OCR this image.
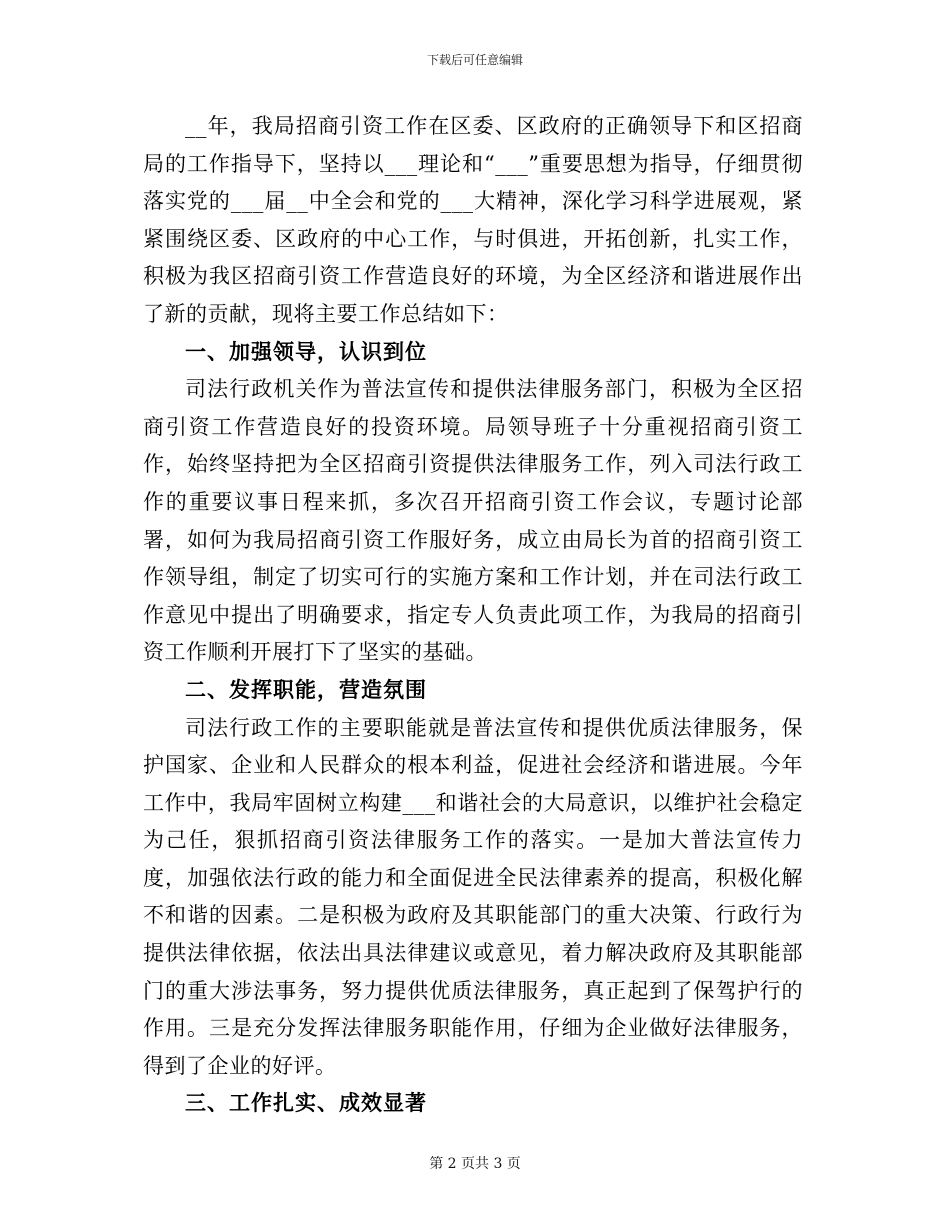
下载后可任意编辑

__年，我局招商引资工作在区委、区政府的正确领导下和区招商局的工作指导下，坚持以___理论和“___”重要思想为指导，仔细贯彻落实党的___届__中全会和党的___大精神，深化学习科学进展观，紧紧围绕区委、区政府的中心工作，与时俱进，开拓创新，扎实工作，积极为我区招商引资工作营造良好的环境，为全区经济和谐进展作出了新的贡献，现将主要工作总结如下：

一、加强领导，认识到位

司法行政机关作为普法宣传和提供法律服务部门，积极为全区招商引资工作营造良好的投资环境。局领导班子十分重视招商引资工作，始终坚持把为全区招商引资提供法律服务工作，列入司法行政工作的重要议事日程来抓，多次召开招商引资工作会议，专题讨论部署，如何为我局招商引资工作服好务，成立由局长为首的招商引资工作领导组，制定了切实可行的实施方案和工作计划，并在司法行政工作意见中提出了明确要求，指定专人负责此项工作，为我局的招商引资工作顺利开展打下了坚实的基础。

二、发挥职能，营造氛围

司法行政工作的主要职能就是普法宣传和提供优质法律服务，保护国家、企业和人民群众的根本利益，促进社会经济和谐进展。今年工作中，我局牢固树立构建___和谐社会的大局意识，以维护社会稳定为己任，狠抓招商引资法律服务工作的落实。一是加大普法宣传力度，加强依法行政的能力和全面促进全民法律素养的提高，积极化解不和谐的因素。二是积极为政府及其职能部门的重大决策、行政行为提供法律依据，依法出具法律建议或意见，着力解决政府及其职能部门的重大涉法事务，努力提供优质法律服务，真正起到了保驾护行的作用。三是充分发挥法律服务职能作用，仔细为企业做好法律服务，得到了企业的好评。

三、工作扎实、成效显著

第 2 页共 3 页
